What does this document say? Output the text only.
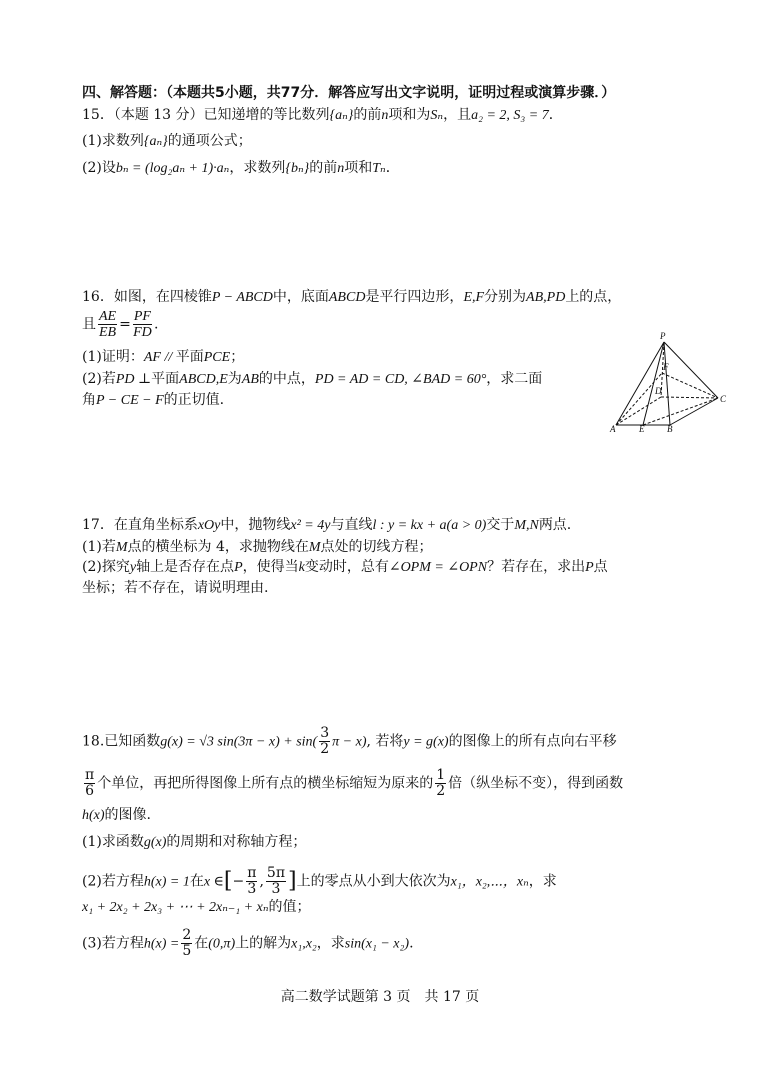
四、解答题：（本题共5小题，共77分．解答应写出文字说明，证明过程或演算步骤．）
15．（本题 13 分）已知递增的等比数列{aₙ}的前n项和为Sₙ，且a₂ = 2, S₃ = 7．
(1)求数列{aₙ}的通项公式；
(2)设bₙ = (log₂aₙ + 1)·aₙ，求数列{bₙ}的前n项和Tₙ．
16．如图，在四棱锥P − ABCD中，底面ABCD是平行四边形，E,F分别为AB,PD上的点，
且 $\frac{AE}{EB} = \frac{PF}{FD}$ .
(1)证明：AF // 平面PCE；
(2)若PD ⊥平面ABCD,E为AB的中点，PD = AD = CD, ∠BAD = 60°，求二面
角P − CE − F的正切值.
P
F
D
C
A	E	B
17．在直角坐标系xOy中，抛物线x² = 4y与直线l : y = kx + a(a > 0)交于M,N两点.
(1)若M点的横坐标为 4，求抛物线在M点处的切线方程；
(2)探究y轴上是否存在点P，使得当k变动时，总有∠OPM = ∠OPN？若存在，求出P点
坐标；若不存在，请说明理由.
18.已知函数g(x) = √3 $\sin(3\pi - x) + \sin( \frac{3}{2}$ π − x), 若将y = g(x)的图像上的所有点向右平移
$\frac{\pi}{6}$ 个单位，再把所得图像上所有点的横坐标缩短为原来的 $\frac{1}{2}$ 倍（纵坐标不变），得到函数
h(x)的图像.
(1)求函数g(x)的周期和对称轴方程；
(2)若方程h(x) = 1在x ∈[− $\frac{\pi}{3}$ , $\frac{5\pi}{3}$ ]上的零点从小到大依次为x₁，x₂,⋯，xₙ，求
x₁ + 2x₂ + 2x₃ + ⋯ + 2xₙ₋₁ + xₙ的值；
(3)若方程$h(x) = \frac{2}{5}$ 在(0,π)上的解为x₁,x₂，求sin(x₁ − x₂).
高二数学试题第 3 页　共 17 页
